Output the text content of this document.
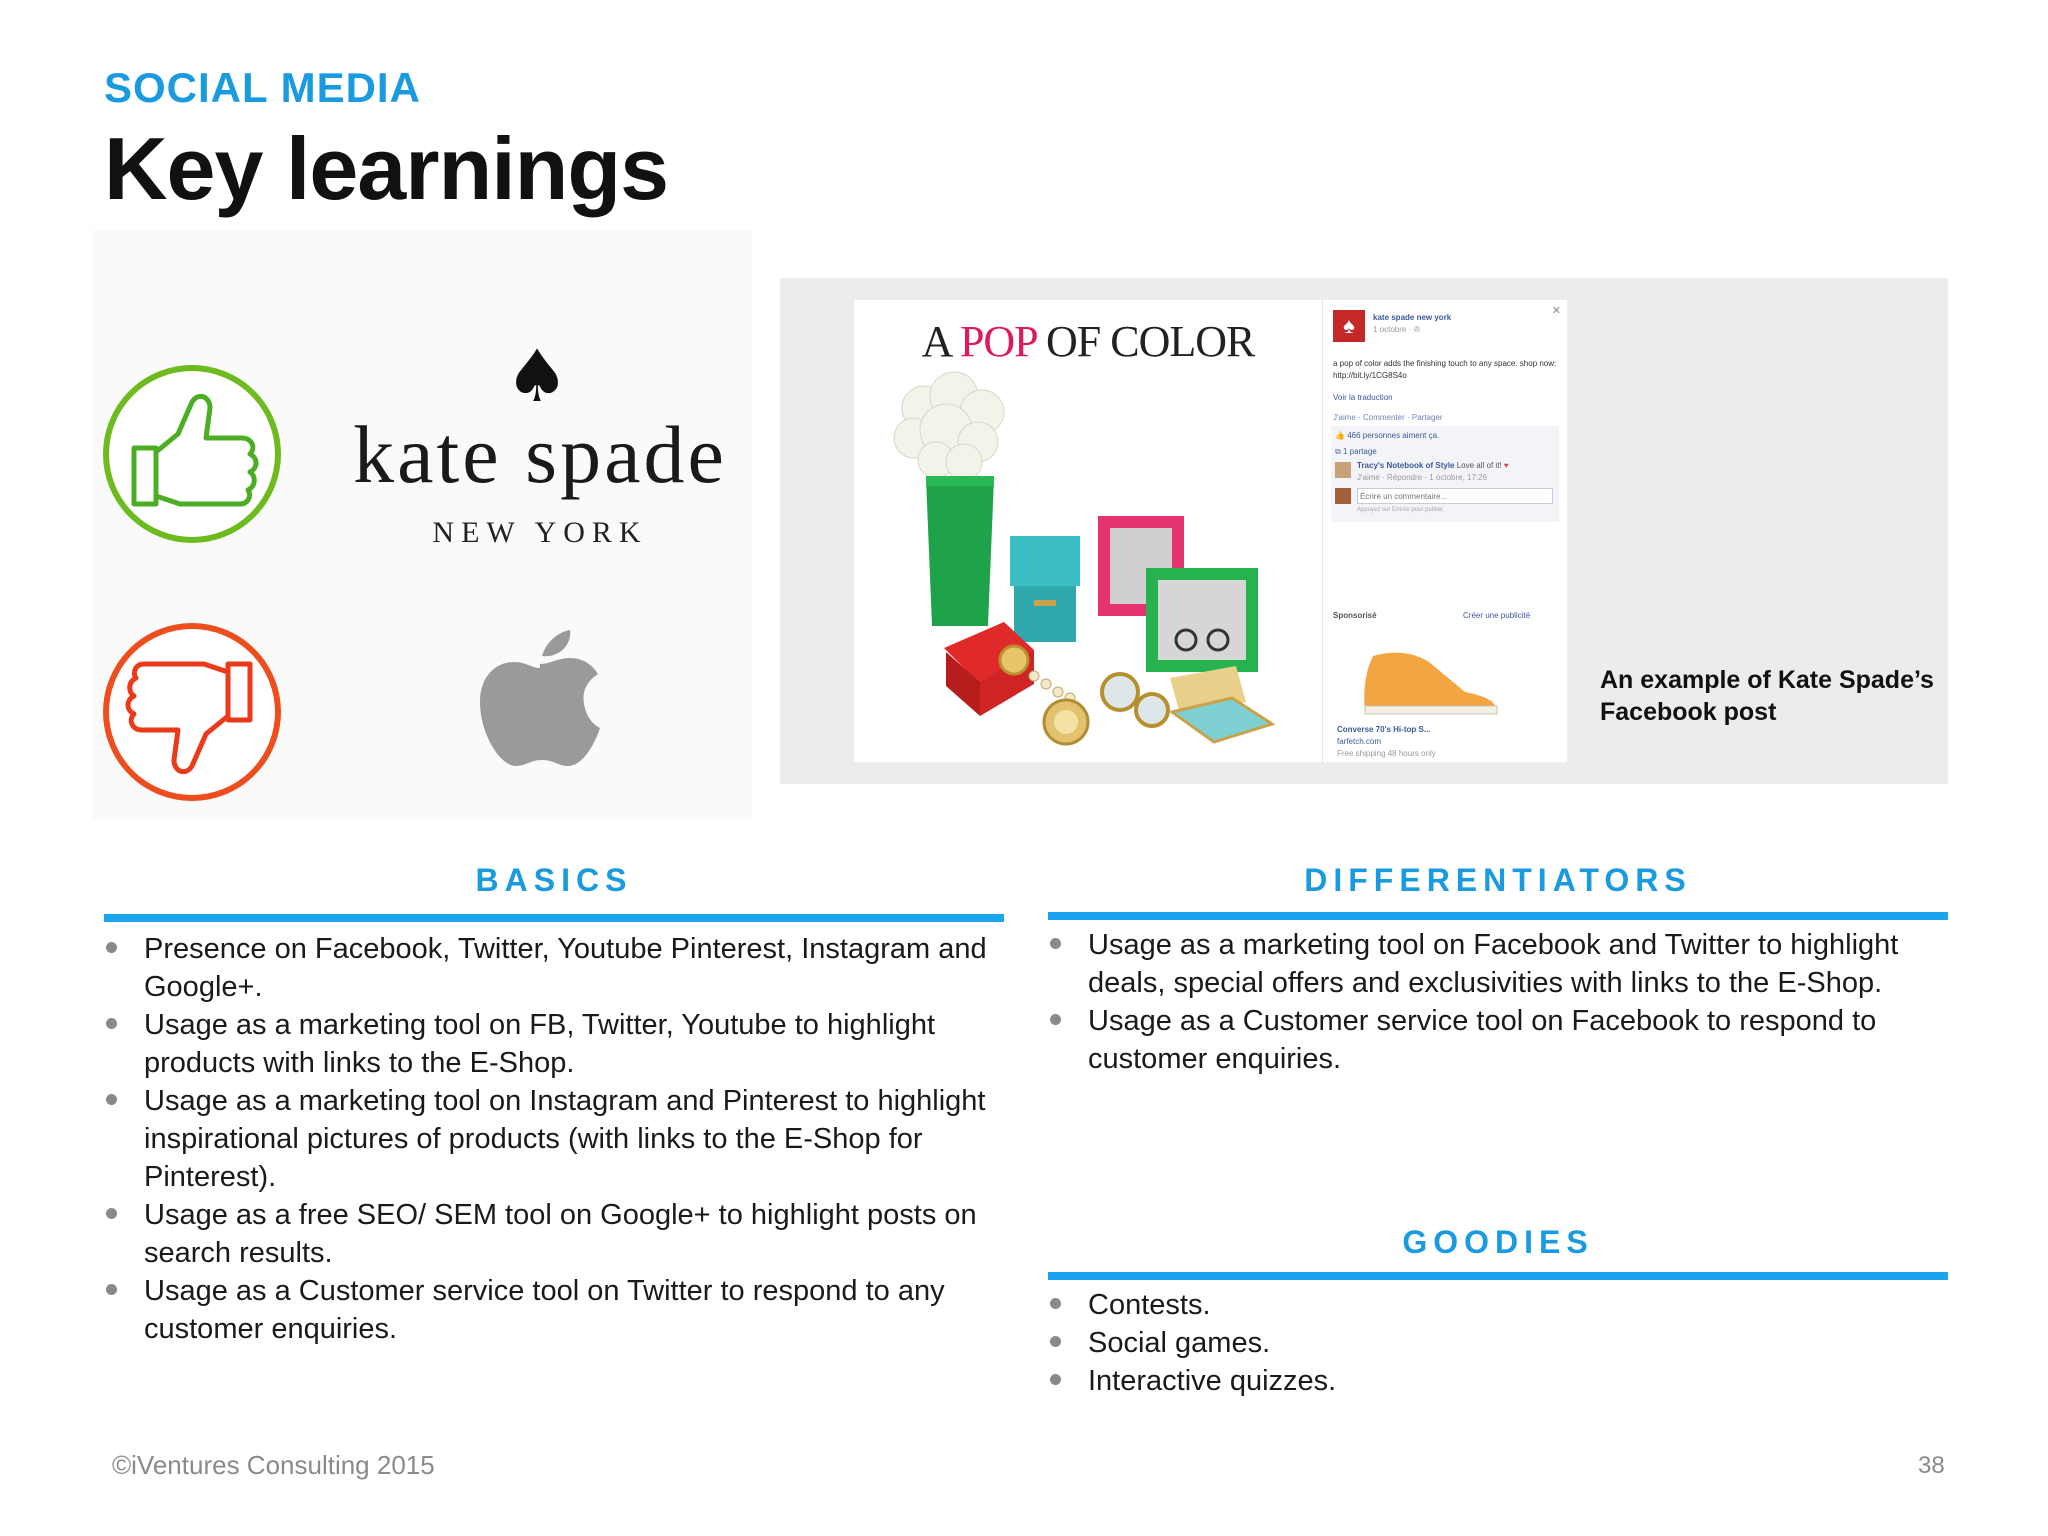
SOCIAL MEDIA
Key learnings
♠
kate spade
NEW YORK
A POP OF COLOR	♠
✕
kate spade new york
1 octobre · ✇
a pop of color adds the finishing touch to any space. shop now: http://bit.ly/1CG8S4o
Voir la traduction
J'aime · Commenter · Partager
👍 466 personnes aiment ça.
⧉ 1 partage
Tracy's Notebook of Style Love all of it! ♥
J'aime · Répondre · 1 octobre, 17:26
Écrire un commentaire...
Appuyez sur Entrée pour publier.
Sponsorisé	Créer une publicité
Converse 70's Hi-top S...
farfetch.com
Free shipping 48 hours only
An example of Kate Spade’s Facebook post
BASICS
Presence on Facebook, Twitter, Youtube Pinterest, Instagram and Google+.
Usage as a marketing tool on FB, Twitter, Youtube to highlight products with links to the E-Shop.
Usage as a marketing tool on Instagram and Pinterest to highlight inspirational pictures of products (with links to the E-Shop for Pinterest).
Usage as a free SEO/ SEM tool on Google+ to highlight posts on search results.
Usage as a Customer service tool on Twitter to respond to any customer enquiries.
DIFFERENTIATORS
Usage as a marketing tool on Facebook and Twitter to highlight deals, special offers and exclusivities with links to the E-Shop.
Usage as a Customer service tool on Facebook to respond to customer enquiries.
GOODIES
Contests.
Social games.
Interactive quizzes.
©iVentures Consulting 2015	38
